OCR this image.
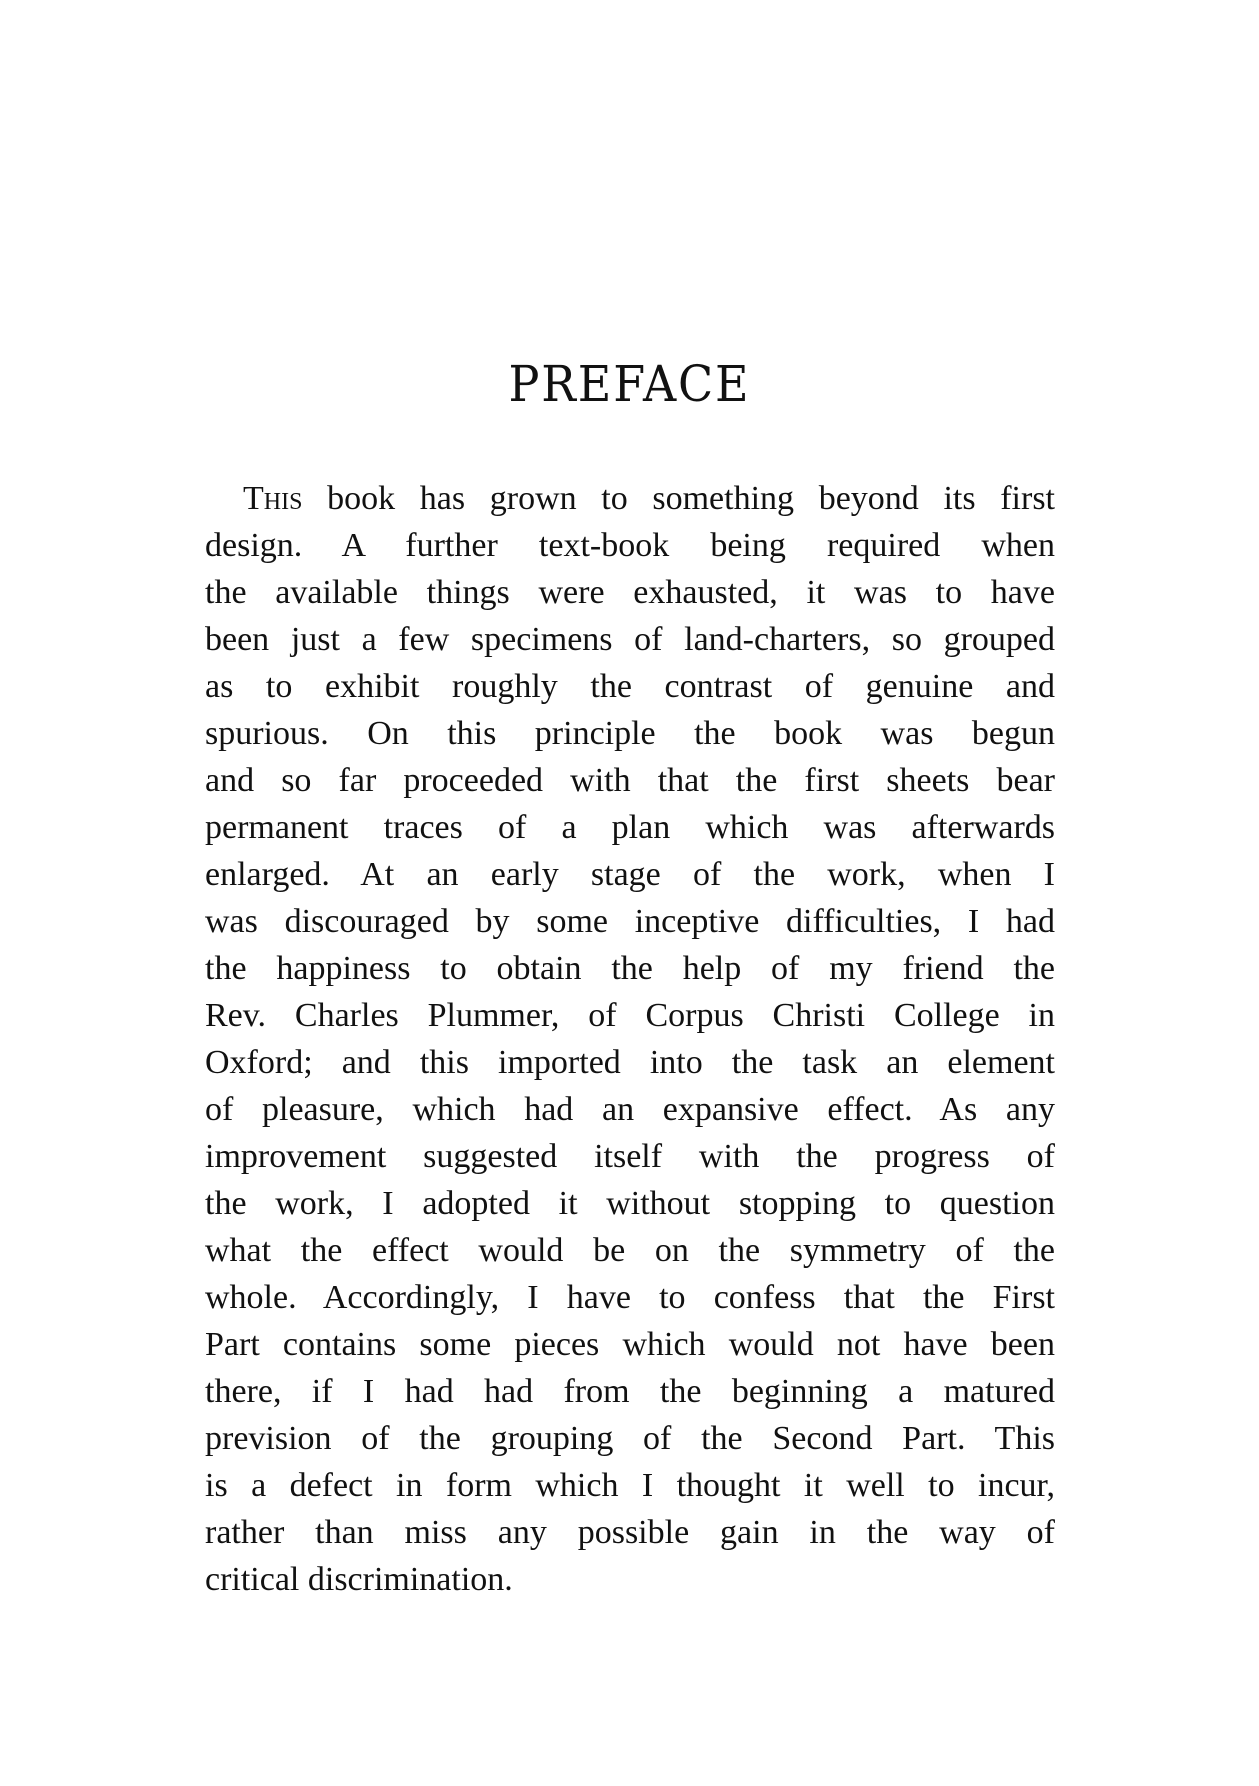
PREFACE
This book has grown to something beyond its first
design. A further text-book being required when
the available things were exhausted, it was to have
been just a few specimens of land-charters, so grouped
as to exhibit roughly the contrast of genuine and
spurious. On this principle the book was begun
and so far proceeded with that the first sheets bear
permanent traces of a plan which was afterwards
enlarged. At an early stage of the work, when I
was discouraged by some inceptive difficulties, I had
the happiness to obtain the help of my friend the
Rev. Charles Plummer, of Corpus Christi College in
Oxford; and this imported into the task an element
of pleasure, which had an expansive effect. As any
improvement suggested itself with the progress of
the work, I adopted it without stopping to question
what the effect would be on the symmetry of the
whole. Accordingly, I have to confess that the First
Part contains some pieces which would not have been
there, if I had had from the beginning a matured
prevision of the grouping of the Second Part. This
is a defect in form which I thought it well to incur,
rather than miss any possible gain in the way of
critical discrimination.
